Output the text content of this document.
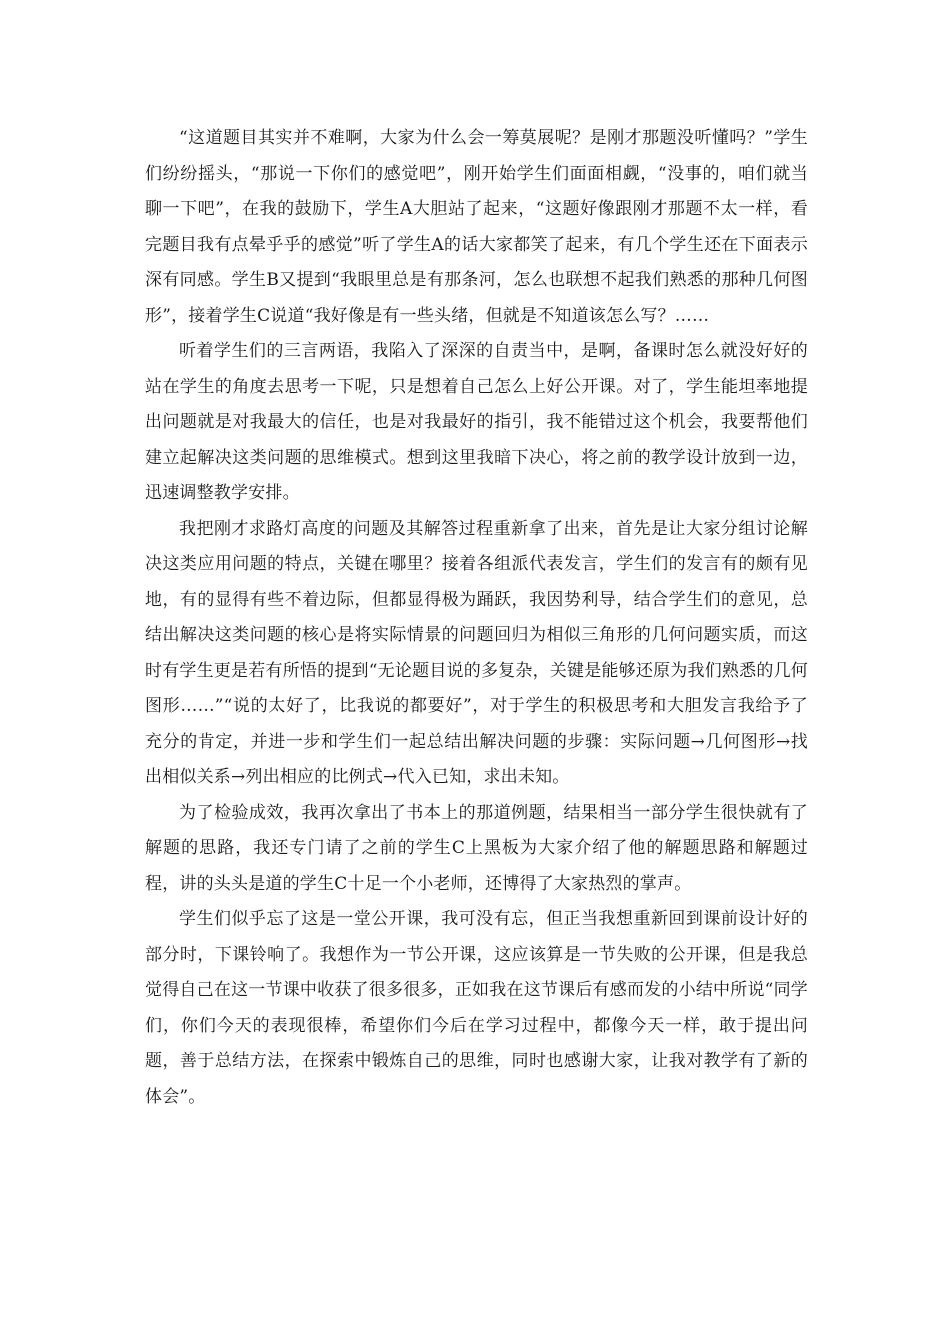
“这道题目其实并不难啊，大家为什么会一筹莫展呢？是刚才那题没听懂吗？”学生们纷纷摇头，“那说一下你们的感觉吧”，刚开始学生们面面相觑，“没事的，咱们就当聊一下吧”，在我的鼓励下，学生A大胆站了起来，“这题好像跟刚才那题不太一样，看完题目我有点晕乎乎的感觉”听了学生A的话大家都笑了起来，有几个学生还在下面表示深有同感。学生B又提到“我眼里总是有那条河，怎么也联想不起我们熟悉的那种几何图形”，接着学生C说道“我好像是有一些头绪，但就是不知道该怎么写？……

听着学生们的三言两语，我陷入了深深的自责当中，是啊，备课时怎么就没好好的站在学生的角度去思考一下呢，只是想着自己怎么上好公开课。对了，学生能坦率地提出问题就是对我最大的信任，也是对我最好的指引，我不能错过这个机会，我要帮他们建立起解决这类问题的思维模式。想到这里我暗下决心，将之前的教学设计放到一边，迅速调整教学安排。

我把刚才求路灯高度的问题及其解答过程重新拿了出来，首先是让大家分组讨论解决这类应用问题的特点，关键在哪里？接着各组派代表发言，学生们的发言有的颇有见地，有的显得有些不着边际，但都显得极为踊跃，我因势利导，结合学生们的意见，总结出解决这类问题的核心是将实际情景的问题回归为相似三角形的几何问题实质，而这时有学生更是若有所悟的提到“无论题目说的多复杂，关键是能够还原为我们熟悉的几何图形……”“说的太好了，比我说的都要好”，对于学生的积极思考和大胆发言我给予了充分的肯定，并进一步和学生们一起总结出解决问题的步骤：实际问题→几何图形→找出相似关系→列出相应的比例式→代入已知，求出未知。

为了检验成效，我再次拿出了书本上的那道例题，结果相当一部分学生很快就有了解题的思路，我还专门请了之前的学生C上黑板为大家介绍了他的解题思路和解题过程，讲的头头是道的学生C十足一个小老师，还博得了大家热烈的掌声。

学生们似乎忘了这是一堂公开课，我可没有忘，但正当我想重新回到课前设计好的部分时，下课铃响了。我想作为一节公开课，这应该算是一节失败的公开课，但是我总觉得自己在这一节课中收获了很多很多，正如我在这节课后有感而发的小结中所说“同学们，你们今天的表现很棒，希望你们今后在学习过程中，都像今天一样，敢于提出问题，善于总结方法，在探索中锻炼自己的思维，同时也感谢大家，让我对教学有了新的体会”。
